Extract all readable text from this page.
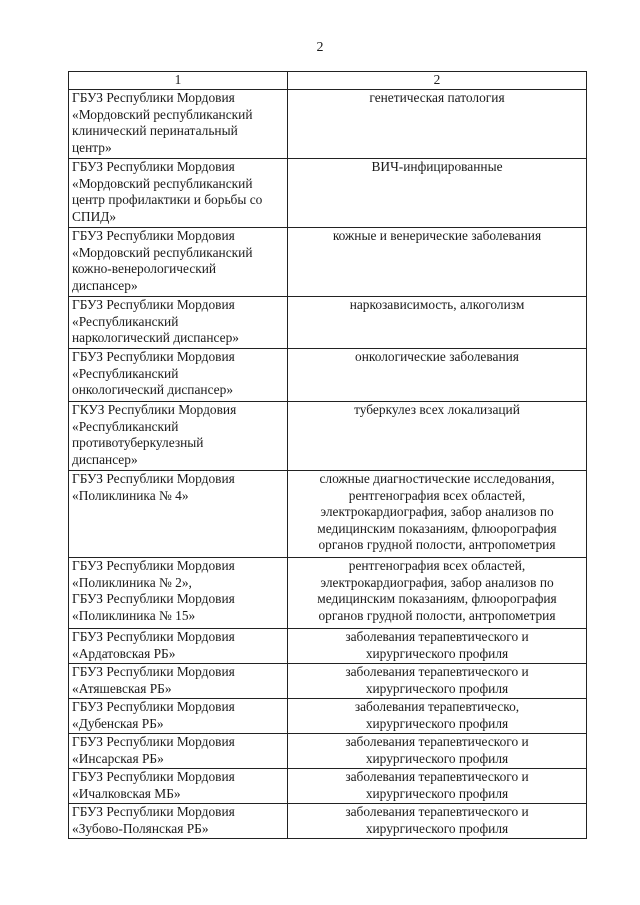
2
1	2

ГБУЗ Республики Мордовия
«Мордовский республиканский
клинический перинатальный
центр»	генетическая патология

ГБУЗ Республики Мордовия
«Мордовский республиканский
центр профилактики и борьбы со
СПИД»	ВИЧ-инфицированные

ГБУЗ Республики Мордовия
«Мордовский республиканский
кожно-венерологический
диспансер»	кожные и венерические заболевания

ГБУЗ Республики Мордовия
«Республиканский
наркологический диспансер»	наркозависимость, алкоголизм

ГБУЗ Республики Мордовия
«Республиканский
онкологический диспансер»	онкологические заболевания

ГКУЗ Республики Мордовия
«Республиканский
противотуберкулезный
диспансер»	туберкулез всех локализаций

ГБУЗ Республики Мордовия
«Поликлиника № 4»	сложные диагностические исследования,
рентгенография всех областей,
электрокардиография, забор анализов по
медицинским показаниям, флюорография
органов грудной полости, антропометрия

ГБУЗ Республики Мордовия
«Поликлиника № 2»,
ГБУЗ Республики Мордовия
«Поликлиника № 15»	рентгенография всех областей,
электрокардиография, забор анализов по
медицинским показаниям, флюорография
органов грудной полости, антропометрия

ГБУЗ Республики Мордовия
«Ардатовская РБ»	заболевания терапевтического и
хирургического профиля

ГБУЗ Республики Мордовия
«Атяшевская РБ»	заболевания терапевтического и
хирургического профиля

ГБУЗ Республики Мордовия
«Дубенская РБ»	заболевания терапевтическо,
хирургического профиля

ГБУЗ Республики Мордовия
«Инсарская РБ»	заболевания терапевтического и
хирургического профиля

ГБУЗ Республики Мордовия
«Ичалковская МБ»	заболевания терапевтического и
хирургического профиля

ГБУЗ Республики Мордовия
«Зубово-Полянская РБ»	заболевания терапевтического и
хирургического профиля
